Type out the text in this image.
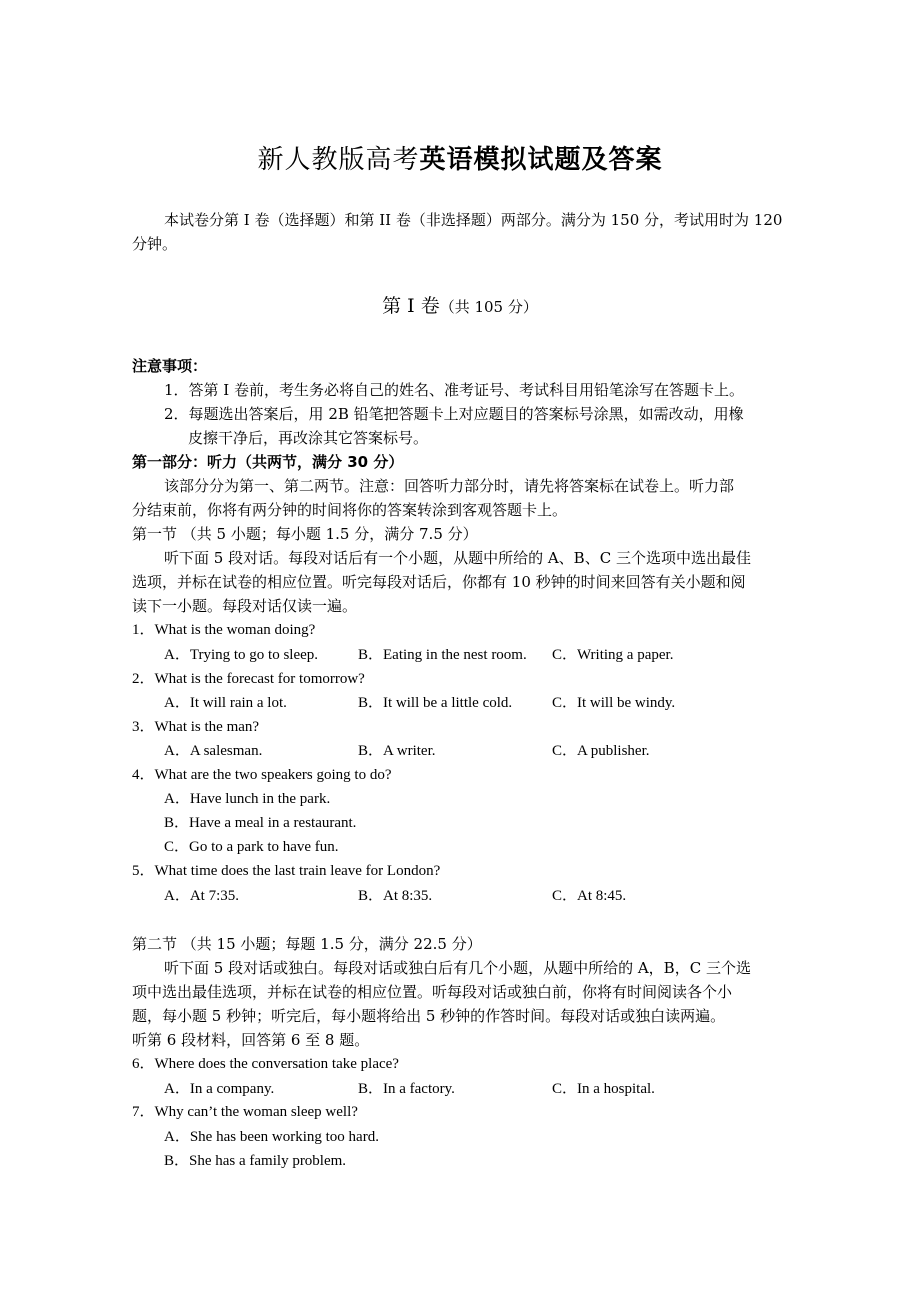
新人教版高考英语模拟试题及答案
本试卷分第 I 卷（选择题）和第 II 卷（非选择题）两部分。满分为 150 分，考试用时为 120
分钟。
第 I 卷（共 105 分）
注意事项：
1．答第 I 卷前，考生务必将自己的姓名、准考证号、考试科目用铅笔涂写在答题卡上。
2．每题选出答案后，用 2B 铅笔把答题卡上对应题目的答案标号涂黑，如需改动，用橡
皮擦干净后，再改涂其它答案标号。
第一部分：听力（共两节，满分 30 分）
该部分分为第一、第二两节。注意：回答听力部分时，请先将答案标在试卷上。听力部
分结束前，你将有两分钟的时间将你的答案转涂到客观答题卡上。
第一节 （共 5 小题；每小题 1.5 分，满分 7.5 分）
听下面 5 段对话。每段对话后有一个小题，从题中所给的 A、B、C 三个选项中选出最佳
选项，并标在试卷的相应位置。听完每段对话后，你都有 10 秒钟的时间来回答有关小题和阅
读下一小题。每段对话仅读一遍。
1．What is the woman doing?
A．Trying to go to sleep.	B．Eating in the nest room. C．Writing a paper.
2．What is the forecast for tomorrow?
A．It will rain a lot.	B．It will be a little cold.	C．It will be windy.
3．What is the man?
A．A salesman.	B．A writer.	C．A publisher.
4．What are the two speakers going to do?
A．Have lunch in the park.
B．Have a meal in a restaurant.
C．Go to a park to have fun.
5．What time does the last train leave for London?
A．At 7:35.	B．At 8:35.	C．At 8:45.
第二节 （共 15 小题；每题 1.5 分，满分 22.5 分）
听下面 5 段对话或独白。每段对话或独白后有几个小题，从题中所给的 A，B，C 三个选
项中选出最佳选项，并标在试卷的相应位置。听每段对话或独白前，你将有时间阅读各个小
题，每小题 5 秒钟；听完后，每小题将给出 5 秒钟的作答时间。每段对话或独白读两遍。
听第 6 段材料，回答第 6 至 8 题。
6．Where does the conversation take place?
A．In a company.	B．In a factory.	C．In a hospital.
7．Why can’t the woman sleep well?
A．She has been working too hard.
B．She has a family problem.
